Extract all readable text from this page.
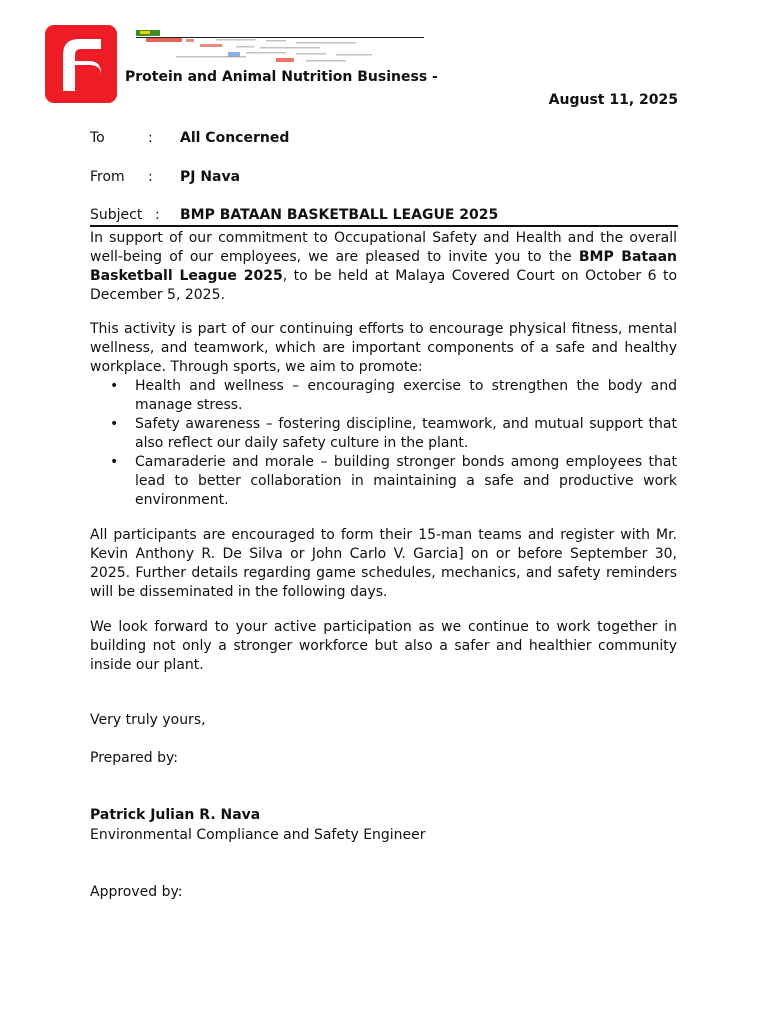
Protein and Animal Nutrition Business -
August 11, 2025
To	: All Concerned
From : PJ Nava
Subject : BMP BATAAN BASKETBALL LEAGUE 2025

In support of our commitment to Occupational Safety and Health and the overall well-being of our employees, we are pleased to invite you to the BMP Bataan Basketball League 2025, to be held at Malaya Covered Court on October 6 to December 5, 2025.

This activity is part of our continuing efforts to encourage physical fitness, mental wellness, and teamwork, which are important components of a safe and healthy workplace. Through sports, we aim to promote:

• Health and wellness – encouraging exercise to strengthen the body and manage stress.
• Safety awareness – fostering discipline, teamwork, and mutual support that also reflect our daily safety culture in the plant.
• Camaraderie and morale – building stronger bonds among employees that lead to better collaboration in maintaining a safe and productive work environment.

All participants are encouraged to form their 15-man teams and register with Mr. Kevin Anthony R. De Silva or John Carlo V. Garcia] on or before September 30, 2025. Further details regarding game schedules, mechanics, and safety reminders will be disseminated in the following days.

We look forward to your active participation as we continue to work together in building not only a stronger workforce but also a safer and healthier community inside our plant.

Very truly yours,
Prepared by:
Patrick Julian R. Nava
Environmental Compliance and Safety Engineer
Approved by:
